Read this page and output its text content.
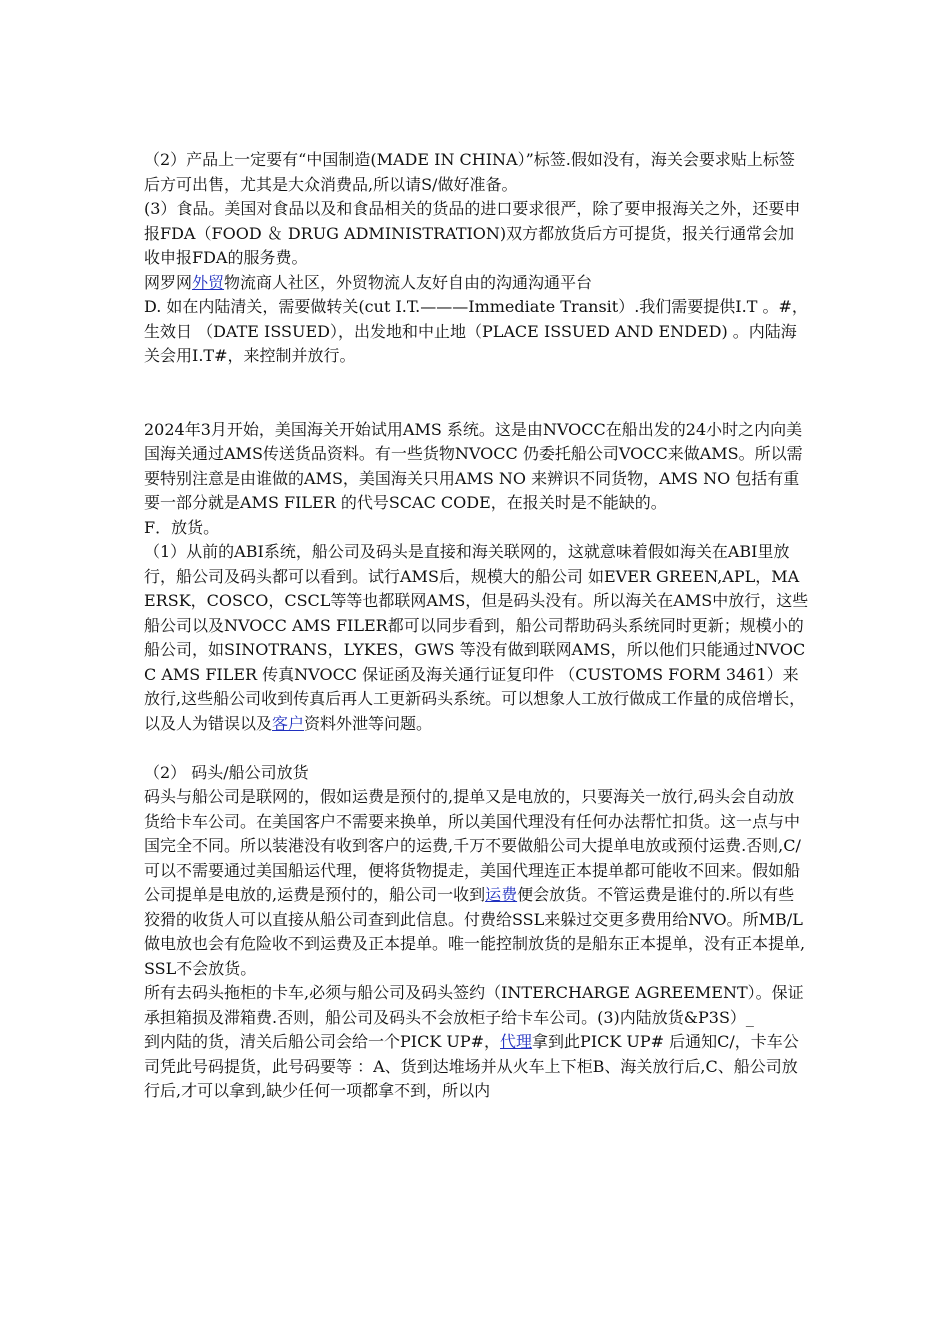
（2）产品上一定要有“中国制造(MADE IN CHINA）”标签.假如没有，海关会要求贴上标签后方可出售，尤其是大众消费品,所以请S/做好准备。

(3）食品。美国对食品以及和食品相关的货品的进口要求很严，除了要申报海关之外，还要申报FDA（FOOD ＆ DRUG ADMINISTRATION)双方都放货后方可提货，报关行通常会加收申报FDA的服务费。

网罗网外贸物流商人社区，外贸物流人友好自由的沟通沟通平台

D. 如在内陆清关，需要做转关(cut I.T.———Immediate Transit）.我们需要提供I.T 。#， 生效日 （DATE ISSUED），出发地和中止地（PLACE ISSUED AND ENDED) 。内陆海关会用I.T#，来控制并放行。

2024年3月开始，美国海关开始试用AMS 系统。这是由NVOCC在船出发的24小时之内向美国海关通过AMS传送货品资料。有一些货物NVOCC 仍委托船公司VOCC来做AMS。所以需要特别注意是由谁做的AMS，美国海关只用AMS NO 来辨识不同货物，AMS NO 包括有重要一部分就是AMS FILER 的代号SCAC CODE，在报关时是不能缺的。

F．放货。

（1）从前的ABI系统，船公司及码头是直接和海关联网的，这就意味着假如海关在ABI里放行，船公司及码头都可以看到。试行AMS后，规模大的船公司 如EVER GREEN,APL，MAERSK，COSCO，CSCL等等也都联网AMS，但是码头没有。所以海关在AMS中放行，这些船公司以及NVOCC AMS FILER都可以同步看到，船公司帮助码头系统同时更新；规模小的船公司，如SINOTRANS，LYKES，GWS 等没有做到联网AMS，所以他们只能通过NVOCC AMS FILER 传真NVOCC 保证函及海关通行证复印件 （CUSTOMS FORM 3461）来放行,这些船公司收到传真后再人工更新码头系统。可以想象人工放行做成工作量的成倍增长，以及人为错误以及客户资料外泄等问题。

（2） 码头/船公司放货

码头与船公司是联网的，假如运费是预付的,提单又是电放的，只要海关一放行,码头会自动放货给卡车公司。在美国客户不需要来换单，所以美国代理没有任何办法帮忙扣货。这一点与中国完全不同。所以装港没有收到客户的运费,千万不要做船公司大提单电放或预付运费.否则,C/可以不需要通过美国船运代理，便将货物提走，美国代理连正本提单都可能收不回来。假如船公司提单是电放的,运费是预付的，船公司一收到运费便会放货。不管运费是谁付的.所以有些狡猾的收货人可以直接从船公司查到此信息。付费给SSL来躲过交更多费用给NVO。所MB/L做电放也会有危险收不到运费及正本提单。唯一能控制放货的是船东正本提单，没有正本提单,SSL不会放货。

所有去码头拖柜的卡车,必须与船公司及码头签约（INTERCHARGE AGREEMENT）。保证承担箱损及滞箱费.否则，船公司及码头不会放柜子给卡车公司。(3)内陆放货&P3S）_

到内陆的货，清关后船公司会给一个PICK UP#，代理拿到此PICK UP# 后通知C/，卡车公司凭此号码提货，此号码要等 ：A、货到达堆场并从火车上下柜B、海关放行后,C、船公司放行后,才可以拿到,缺少任何一项都拿不到，所以内
